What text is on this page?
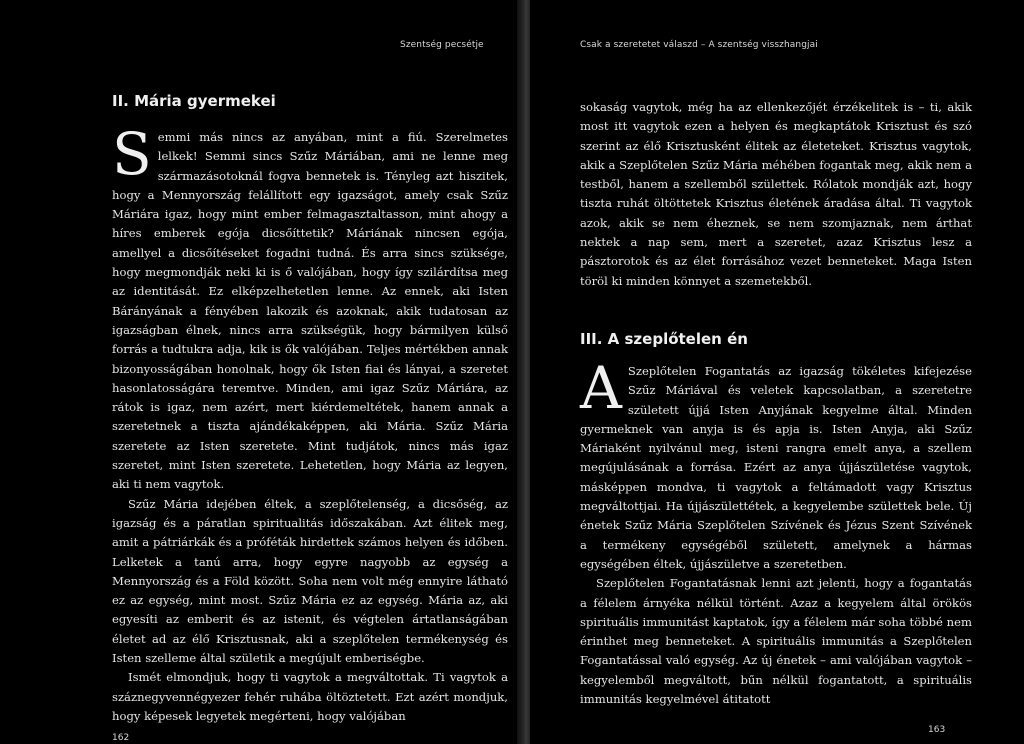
Szentség pecsétje
II. Mária gyermekei

Semmi más nincs az anyában, mint a fiú. Szerelmetes lelkek! Semmi sincs Szűz Máriában, ami ne lenne meg származásotoknál fogva bennetek is. Tényleg azt hiszitek, hogy a Mennyország felállított egy igazságot, amely csak Szűz Máriára igaz, hogy mint ember felmagasztaltasson, mint ahogy a híres emberek egója dicsőíttetik? Máriának nincsen egója, amellyel a dicsőítéseket fogadni tudná. És arra sincs szüksége, hogy megmondják neki ki is ő valójában, hogy így szilárdítsa meg az identitását. Ez elképzelhetetlen lenne. Az ennek, aki Isten Bárányának a fényében lakozik és azoknak, akik tudatosan az igazságban élnek, nincs arra szükségük, hogy bármilyen külső forrás a tudtukra adja, kik is ők valójában. Teljes mértékben annak bizonyosságában honolnak, hogy ők Isten fiai és lányai, a szeretet hasonlatosságára teremtve. Minden, ami igaz Szűz Máriára, az rátok is igaz, nem azért, mert kiérdemeltétek, hanem annak a szeretetnek a tiszta ajándékaképpen, aki Mária. Szűz Mária szeretete az Isten szeretete. Mint tudjátok, nincs más igaz szeretet, mint Isten szeretete. Lehetetlen, hogy Mária az legyen, aki ti nem vagytok.

Szűz Mária idejében éltek, a szeplőtelenség, a dicsőség, az igazság és a páratlan spiritualitás időszakában. Azt élitek meg, amit a pátriárkák és a próféták hirdettek számos helyen és időben. Lelketek a tanú arra, hogy egyre nagyobb az egység a Mennyország és a Föld között. Soha nem volt még ennyire látható ez az egység, mint most. Szűz Mária ez az egység. Mária az, aki egyesíti az emberit és az istenit, és végtelen ártatlanságában életet ad az élő Krisztusnak, aki a szeplőtelen termékenység és Isten szelleme által születik a megújult emberiségbe.

Ismét elmondjuk, hogy ti vagytok a megváltottak. Ti vagytok a száznegyvennégyezer fehér ruhába öltöztetett. Ezt azért mondjuk, hogy képesek legyetek megérteni, hogy valójában

162
Csak a szeretetet válaszd – A szentség visszhangjai

sokaság vagytok, még ha az ellenkezőjét érzékelitek is – ti, akik most itt vagytok ezen a helyen és megkaptátok Krisztust és szó szerint az élő Krisztusként élitek az életeteket. Krisztus vagytok, akik a Szeplőtelen Szűz Mária méhében fogantak meg, akik nem a testből, hanem a szellemből születtek. Rólatok mondják azt, hogy tiszta ruhát öltöttetek Krisztus életének áradása által. Ti vagytok azok, akik se nem éheznek, se nem szomjaznak, nem árthat nektek a nap sem, mert a szeretet, azaz Krisztus lesz a pásztorotok és az élet forrásához vezet benneteket. Maga Isten töröl ki minden könnyet a szemetekből.

III. A szeplőtelen én

A Szeplőtelen Fogantatás az igazság tökéletes kifejezése Szűz Máriával és veletek kapcsolatban, a szeretetre született újjá Isten Anyjának kegyelme által. Minden gyermeknek van anyja is és apja is. Isten Anyja, aki Szűz Máriaként nyilvánul meg, isteni rangra emelt anya, a szellem megújulásának a forrása. Ezért az anya újjászületése vagytok, másképpen mondva, ti vagytok a feltámadott vagy Krisztus megváltottjai. Ha újjászülettétek, a kegyelembe születtek bele. Új énetek Szűz Mária Szeplőtelen Szívének és Jézus Szent Szívének a termékeny egységéből született, amelynek a hármas egységében éltek, újjászületve a szeretetben.

Szeplőtelen Fogantatásnak lenni azt jelenti, hogy a fogantatás a félelem árnyéka nélkül történt. Azaz a kegyelem által örökös spirituális immunitást kaptatok, így a félelem már soha többé nem érinthet meg benneteket. A spirituális immunitás a Szeplőtelen Fogantatással való egység. Az új énetek – ami valójában vagytok – kegyelemből megváltott, bűn nélkül fogantatott, a spirituális immunitás kegyelmével átitatott

163
